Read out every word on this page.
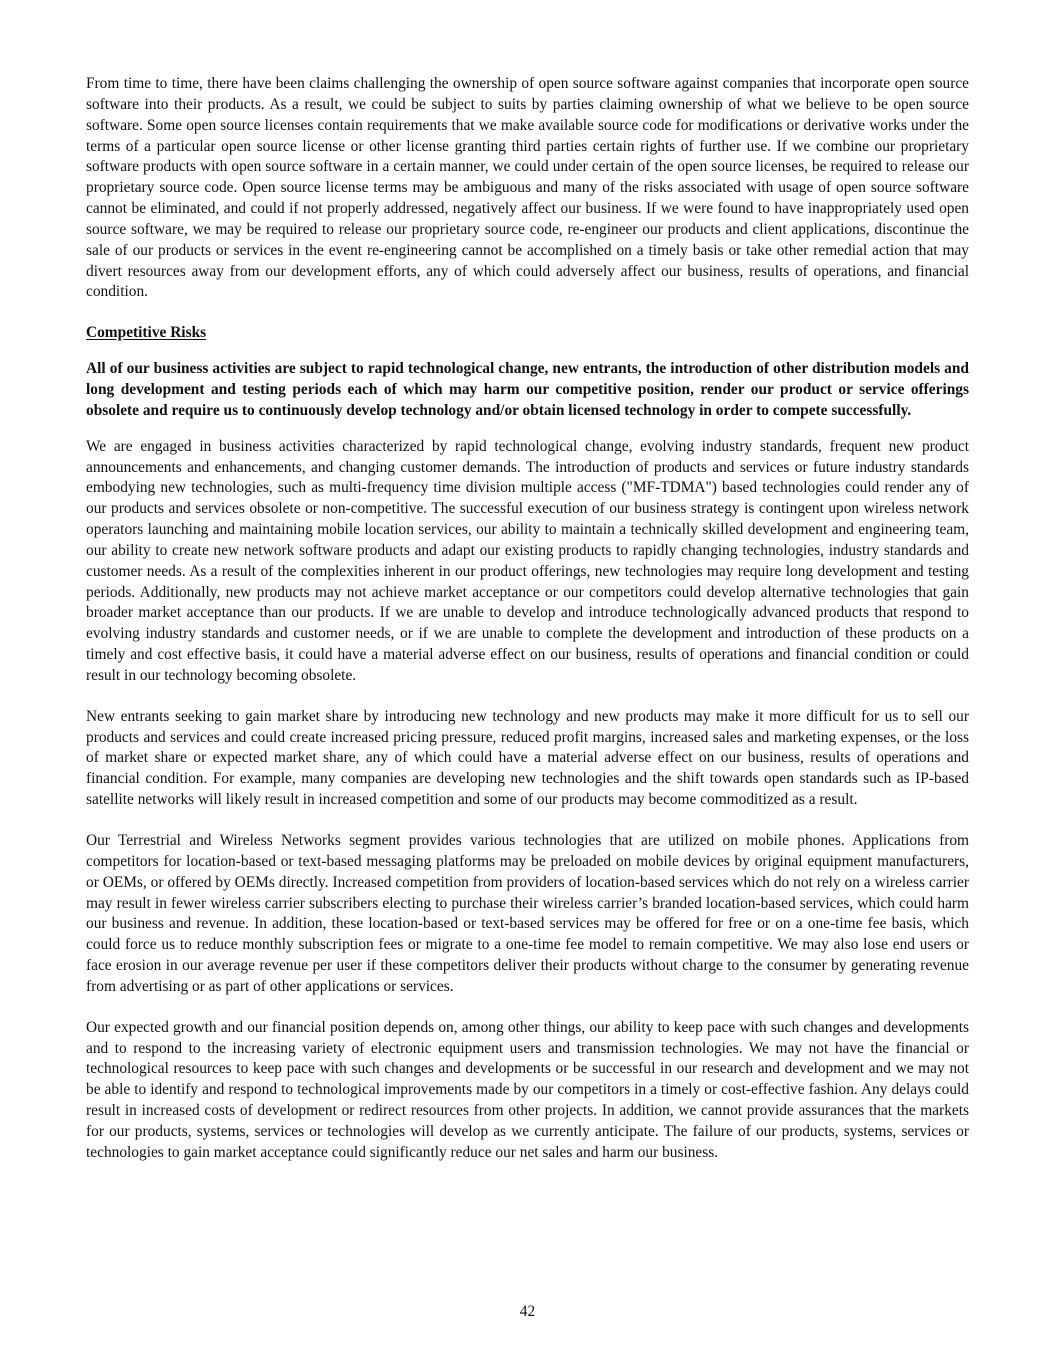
From time to time, there have been claims challenging the ownership of open source software against companies that incorporate open source software into their products. As a result, we could be subject to suits by parties claiming ownership of what we believe to be open source software. Some open source licenses contain requirements that we make available source code for modifications or derivative works under the terms of a particular open source license or other license granting third parties certain rights of further use. If we combine our proprietary software products with open source software in a certain manner, we could under certain of the open source licenses, be required to release our proprietary source code. Open source license terms may be ambiguous and many of the risks associated with usage of open source software cannot be eliminated, and could if not properly addressed, negatively affect our business. If we were found to have inappropriately used open source software, we may be required to release our proprietary source code, re-engineer our products and client applications, discontinue the sale of our products or services in the event re-engineering cannot be accomplished on a timely basis or take other remedial action that may divert resources away from our development efforts, any of which could adversely affect our business, results of operations, and financial condition.

Competitive Risks

All of our business activities are subject to rapid technological change, new entrants, the introduction of other distribution models and long development and testing periods each of which may harm our competitive position, render our product or service offerings obsolete and require us to continuously develop technology and/or obtain licensed technology in order to compete successfully.

We are engaged in business activities characterized by rapid technological change, evolving industry standards, frequent new product announcements and enhancements, and changing customer demands. The introduction of products and services or future industry standards embodying new technologies, such as multi-frequency time division multiple access ("MF-TDMA") based technologies could render any of our products and services obsolete or non-competitive. The successful execution of our business strategy is contingent upon wireless network operators launching and maintaining mobile location services, our ability to maintain a technically skilled development and engineering team, our ability to create new network software products and adapt our existing products to rapidly changing technologies, industry standards and customer needs. As a result of the complexities inherent in our product offerings, new technologies may require long development and testing periods. Additionally, new products may not achieve market acceptance or our competitors could develop alternative technologies that gain broader market acceptance than our products. If we are unable to develop and introduce technologically advanced products that respond to evolving industry standards and customer needs, or if we are unable to complete the development and introduction of these products on a timely and cost effective basis, it could have a material adverse effect on our business, results of operations and financial condition or could result in our technology becoming obsolete.

New entrants seeking to gain market share by introducing new technology and new products may make it more difficult for us to sell our products and services and could create increased pricing pressure, reduced profit margins, increased sales and marketing expenses, or the loss of market share or expected market share, any of which could have a material adverse effect on our business, results of operations and financial condition. For example, many companies are developing new technologies and the shift towards open standards such as IP-based satellite networks will likely result in increased competition and some of our products may become commoditized as a result.

Our Terrestrial and Wireless Networks segment provides various technologies that are utilized on mobile phones. Applications from competitors for location-based or text-based messaging platforms may be preloaded on mobile devices by original equipment manufacturers, or OEMs, or offered by OEMs directly. Increased competition from providers of location-based services which do not rely on a wireless carrier may result in fewer wireless carrier subscribers electing to purchase their wireless carrier’s branded location-based services, which could harm our business and revenue. In addition, these location-based or text-based services may be offered for free or on a one-time fee basis, which could force us to reduce monthly subscription fees or migrate to a one-time fee model to remain competitive. We may also lose end users or face erosion in our average revenue per user if these competitors deliver their products without charge to the consumer by generating revenue from advertising or as part of other applications or services.

Our expected growth and our financial position depends on, among other things, our ability to keep pace with such changes and developments and to respond to the increasing variety of electronic equipment users and transmission technologies. We may not have the financial or technological resources to keep pace with such changes and developments or be successful in our research and development and we may not be able to identify and respond to technological improvements made by our competitors in a timely or cost-effective fashion. Any delays could result in increased costs of development or redirect resources from other projects. In addition, we cannot provide assurances that the markets for our products, systems, services or technologies will develop as we currently anticipate. The failure of our products, systems, services or technologies to gain market acceptance could significantly reduce our net sales and harm our business.

42
